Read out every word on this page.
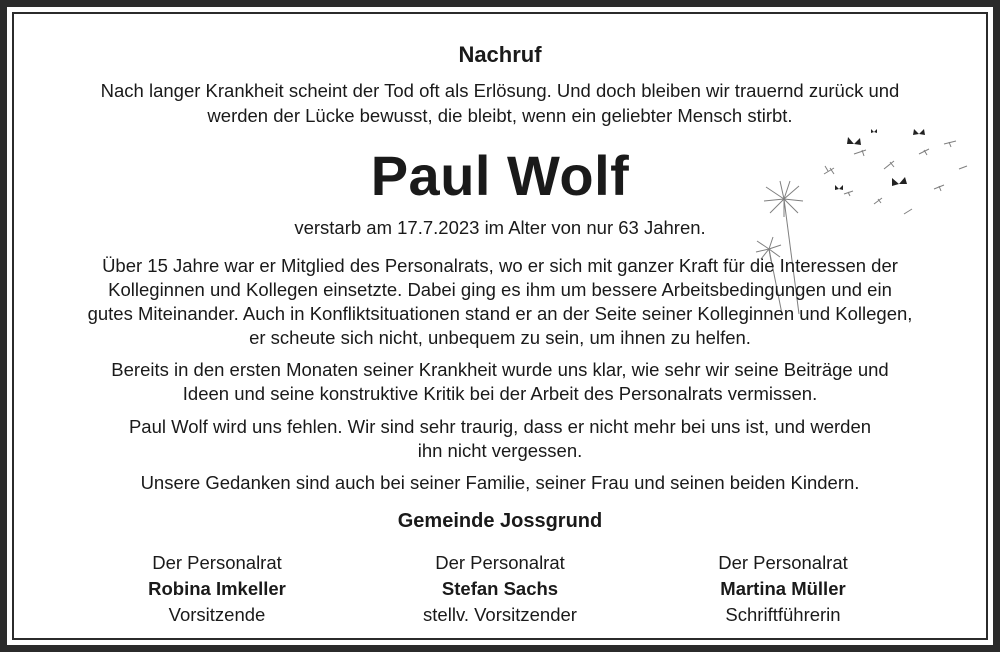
Nachruf
Nach langer Krankheit scheint der Tod oft als Erlösung. Und doch bleiben wir trauernd zurück und
werden der Lücke bewusst, die bleibt, wenn ein geliebter Mensch stirbt.
Paul Wolf
verstarb am 17.7.2023 im Alter von nur 63 Jahren.
Über 15 Jahre war er Mitglied des Personalrats, wo er sich mit ganzer Kraft für die Interessen der
Kolleginnen und Kollegen einsetzte. Dabei ging es ihm um bessere Arbeitsbedingungen und ein
gutes Miteinander. Auch in Konfliktsituationen stand er an der Seite seiner Kolleginnen und Kollegen,
er scheute sich nicht, unbequem zu sein, um ihnen zu helfen.
Bereits in den ersten Monaten seiner Krankheit wurde uns klar, wie sehr wir seine Beiträge und
Ideen und seine konstruktive Kritik bei der Arbeit des Personalrats vermissen.
Paul Wolf wird uns fehlen. Wir sind sehr traurig, dass er nicht mehr bei uns ist, und werden
ihn nicht vergessen.
Unsere Gedanken sind auch bei seiner Familie, seiner Frau und seinen beiden Kindern.
Gemeinde Jossgrund
Der Personalrat
Robina Imkeller
Vorsitzende
Der Personalrat
Stefan Sachs
stellv. Vorsitzender
Der Personalrat
Martina Müller
Schriftführerin
